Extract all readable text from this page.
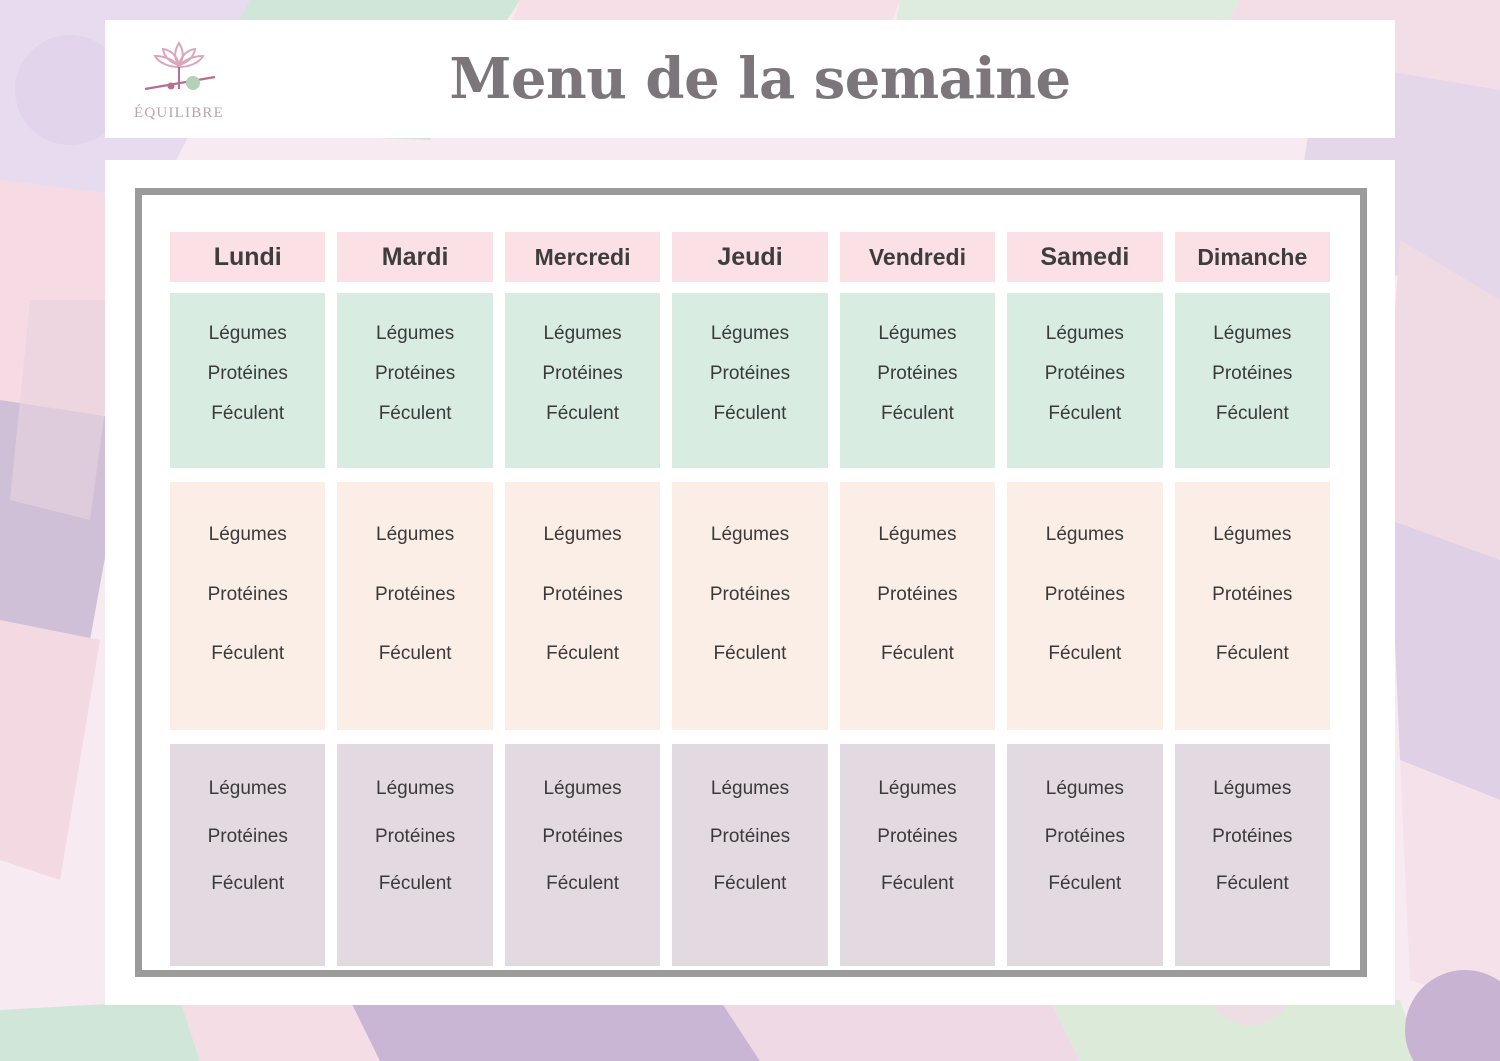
ÉQUILIBRE
Menu de la semaine
Lundi
Légumes
Protéines
Féculent
Légumes
Protéines
Féculent
Légumes
Protéines
Féculent
Mardi
Légumes
Protéines
Féculent
Légumes
Protéines
Féculent
Légumes
Protéines
Féculent
Mercredi
Légumes
Protéines
Féculent
Légumes
Protéines
Féculent
Légumes
Protéines
Féculent
Jeudi
Légumes
Protéines
Féculent
Légumes
Protéines
Féculent
Légumes
Protéines
Féculent
Vendredi
Légumes
Protéines
Féculent
Légumes
Protéines
Féculent
Légumes
Protéines
Féculent
Samedi
Légumes
Protéines
Féculent
Légumes
Protéines
Féculent
Légumes
Protéines
Féculent
Dimanche
Légumes
Protéines
Féculent
Légumes
Protéines
Féculent
Légumes
Protéines
Féculent
